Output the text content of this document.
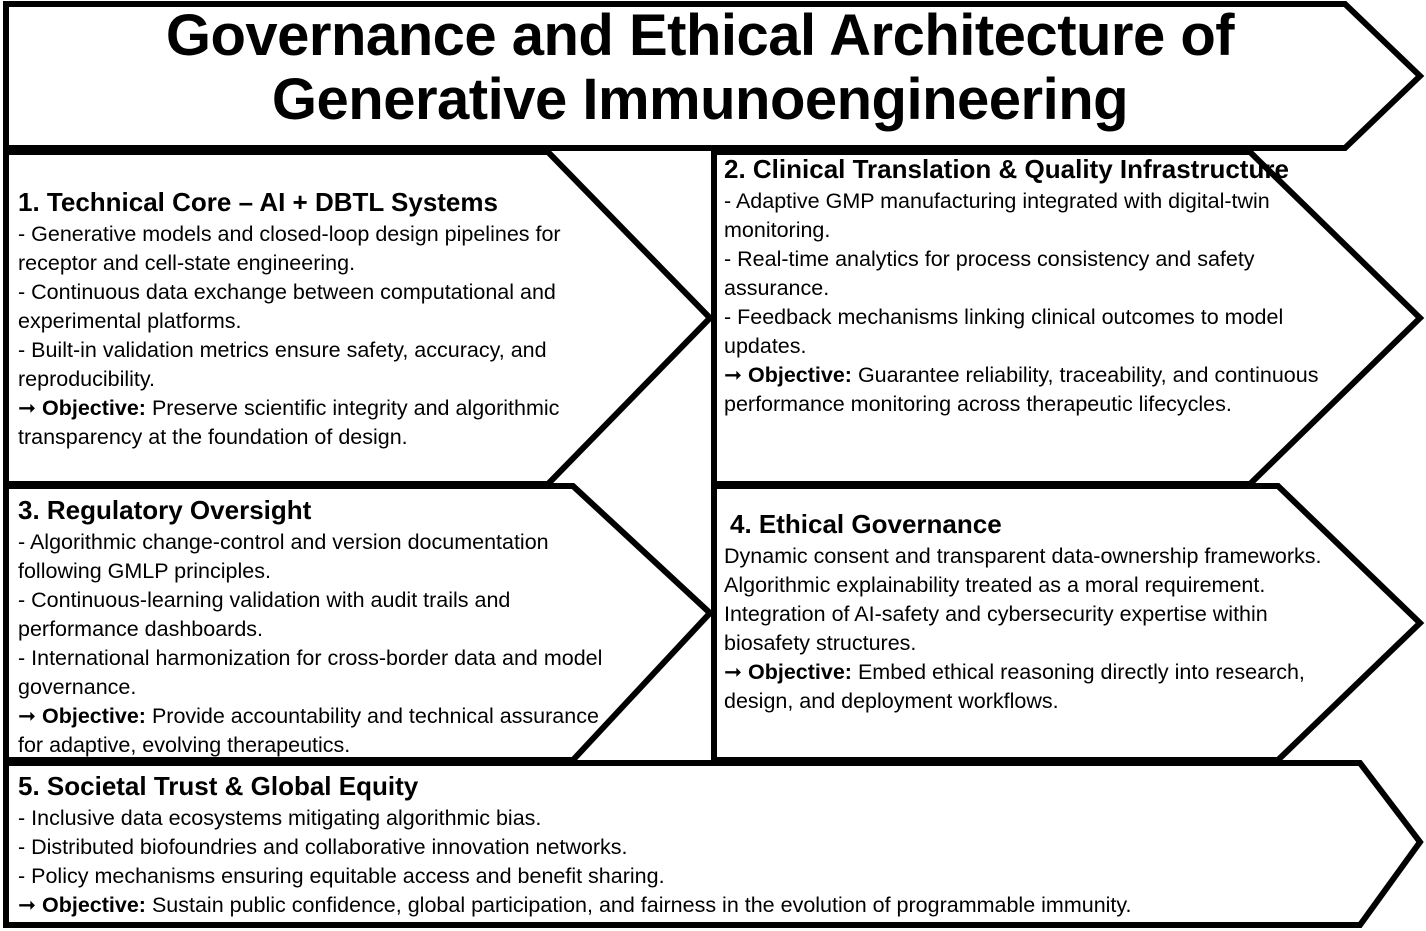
Governance and Ethical Architecture of
Generative Immunoengineering
1. Technical Core – AI + DBTL Systems
- Generative models and closed-loop design pipelines for receptor and cell-state engineering.
- Continuous data exchange between computational and experimental platforms.
- Built-in validation metrics ensure safety, accuracy, and reproducibility.
➞ Objective: Preserve scientific integrity and algorithmic transparency at the foundation of design.
2. Clinical Translation & Quality Infrastructure
- Adaptive GMP manufacturing integrated with digital-twin monitoring.
- Real-time analytics for process consistency and safety assurance.
- Feedback mechanisms linking clinical outcomes to model updates.
➞ Objective: Guarantee reliability, traceability, and continuous performance monitoring across therapeutic lifecycles.
3. Regulatory Oversight
- Algorithmic change-control and version documentation following GMLP principles.
- Continuous-learning validation with audit trails and performance dashboards.
- International harmonization for cross-border data and model governance.
➞ Objective: Provide accountability and technical assurance for adaptive, evolving therapeutics.
4. Ethical Governance
Dynamic consent and transparent data-ownership frameworks.
Algorithmic explainability treated as a moral requirement.
Integration of AI-safety and cybersecurity expertise within biosafety structures.
➞ Objective: Embed ethical reasoning directly into research, design, and deployment workflows.
5. Societal Trust & Global Equity
- Inclusive data ecosystems mitigating algorithmic bias.
- Distributed biofoundries and collaborative innovation networks.
- Policy mechanisms ensuring equitable access and benefit sharing.
➞ Objective: Sustain public confidence, global participation, and fairness in the evolution of programmable immunity.
